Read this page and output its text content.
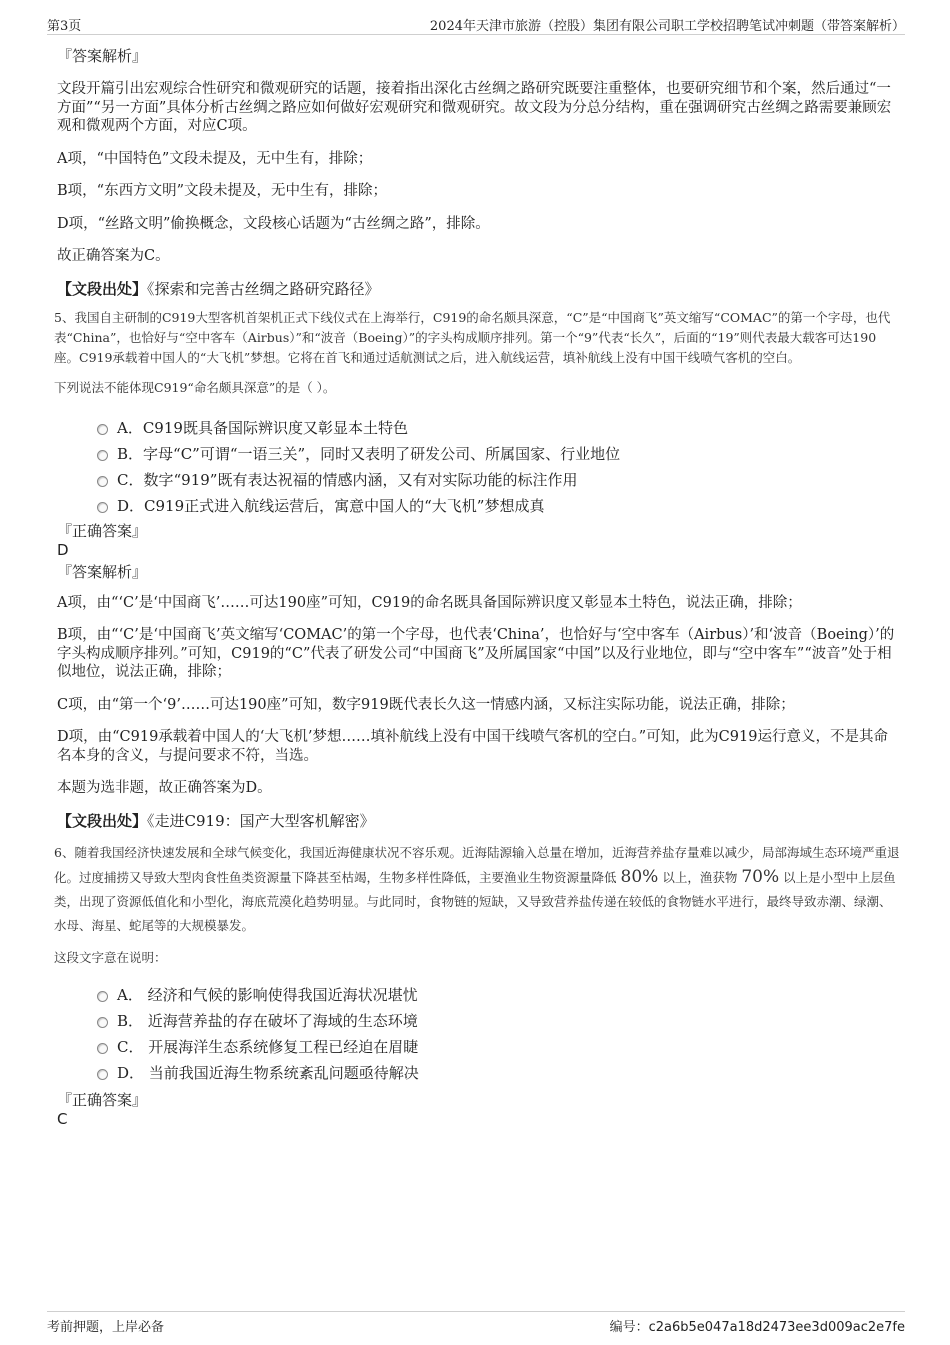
第3页	2024年天津市旅游（控股）集团有限公司职工学校招聘笔试冲刺题（带答案解析）
『答案解析』
文段开篇引出宏观综合性研究和微观研究的话题，接着指出深化古丝绸之路研究既要注重整体，也要研究细节和个案，然后通过“一方面”“另一方面”具体分析古丝绸之路应如何做好宏观研究和微观研究。故文段为分总分结构，重在强调研究古丝绸之路需要兼顾宏观和微观两个方面，对应C项。
A项，“中国特色”文段未提及，无中生有，排除；
B项，“东西方文明”文段未提及，无中生有，排除；
D项，“丝路文明”偷换概念，文段核心话题为“古丝绸之路”，排除。
故正确答案为C。
【文段出处】《探索和完善古丝绸之路研究路径》
5、我国自主研制的C919大型客机首架机正式下线仪式在上海举行，C919的命名颇具深意，“C”是“中国商飞”英文缩写“COMAC”的第一个字母，也代表“China”，也恰好与“空中客车（Airbus）”和“波音（Boeing）”的字头构成顺序排列。第一个“9”代表“长久”，后面的“19”则代表最大载客可达190座。C919承载着中国人的“大飞机”梦想。它将在首飞和通过适航测试之后，进入航线运营，填补航线上没有中国干线喷气客机的空白。
下列说法不能体现C919“命名颇具深意”的是（ ）。
A．C919既具备国际辨识度又彰显本土特色
B．字母“C”可谓“一语三关”，同时又表明了研发公司、所属国家、行业地位
C．数字“919”既有表达祝福的情感内涵，又有对实际功能的标注作用
D．C919正式进入航线运营后，寓意中国人的“大飞机”梦想成真
『正确答案』
D
『答案解析』
A项，由“‘C’是‘中国商飞’……可达190座”可知，C919的命名既具备国际辨识度又彰显本土特色，说法正确，排除；
B项，由“‘C’是‘中国商飞’英文缩写‘COMAC’的第一个字母，也代表‘China’，也恰好与‘空中客车（Airbus）’和‘波音（Boeing）’的字头构成顺序排列。”可知，C919的“C”代表了研发公司“中国商飞”及所属国家“中国”以及行业地位，即与“空中客车”“波音”处于相似地位，说法正确，排除；
C项，由“第一个‘9’……可达190座”可知，数字919既代表长久这一情感内涵，又标注实际功能，说法正确，排除；
D项，由“C919承载着中国人的‘大飞机’梦想……填补航线上没有中国干线喷气客机的空白。”可知，此为C919运行意义，不是其命名本身的含义，与提问要求不符，当选。
本题为选非题，故正确答案为D。
【文段出处】《走进C919：国产大型客机解密》
6、随着我国经济快速发展和全球气候变化，我国近海健康状况不容乐观。近海陆源输入总量在增加，近海营养盐存量难以减少，局部海域生态环境严重退化。过度捕捞又导致大型肉食性鱼类资源量下降甚至枯竭，生物多样性降低，主要渔业生物资源量降低 80% 以上，渔获物 70% 以上是小型中上层鱼类，出现了资源低值化和小型化，海底荒漠化趋势明显。与此同时，食物链的短缺，又导致营养盐传递在较低的食物链水平进行，最终导致赤潮、绿潮、水母、海星、蛇尾等的大规模暴发。
这段文字意在说明：
A． 经济和气候的影响使得我国近海状况堪忧
B． 近海营养盐的存在破坏了海域的生态环境
C． 开展海洋生态系统修复工程已经迫在眉睫
D． 当前我国近海生物系统紊乱问题亟待解决
『正确答案』
C
考前押题，上岸必备	编号：c2a6b5e047a18d2473ee3d009ac2e7fe
